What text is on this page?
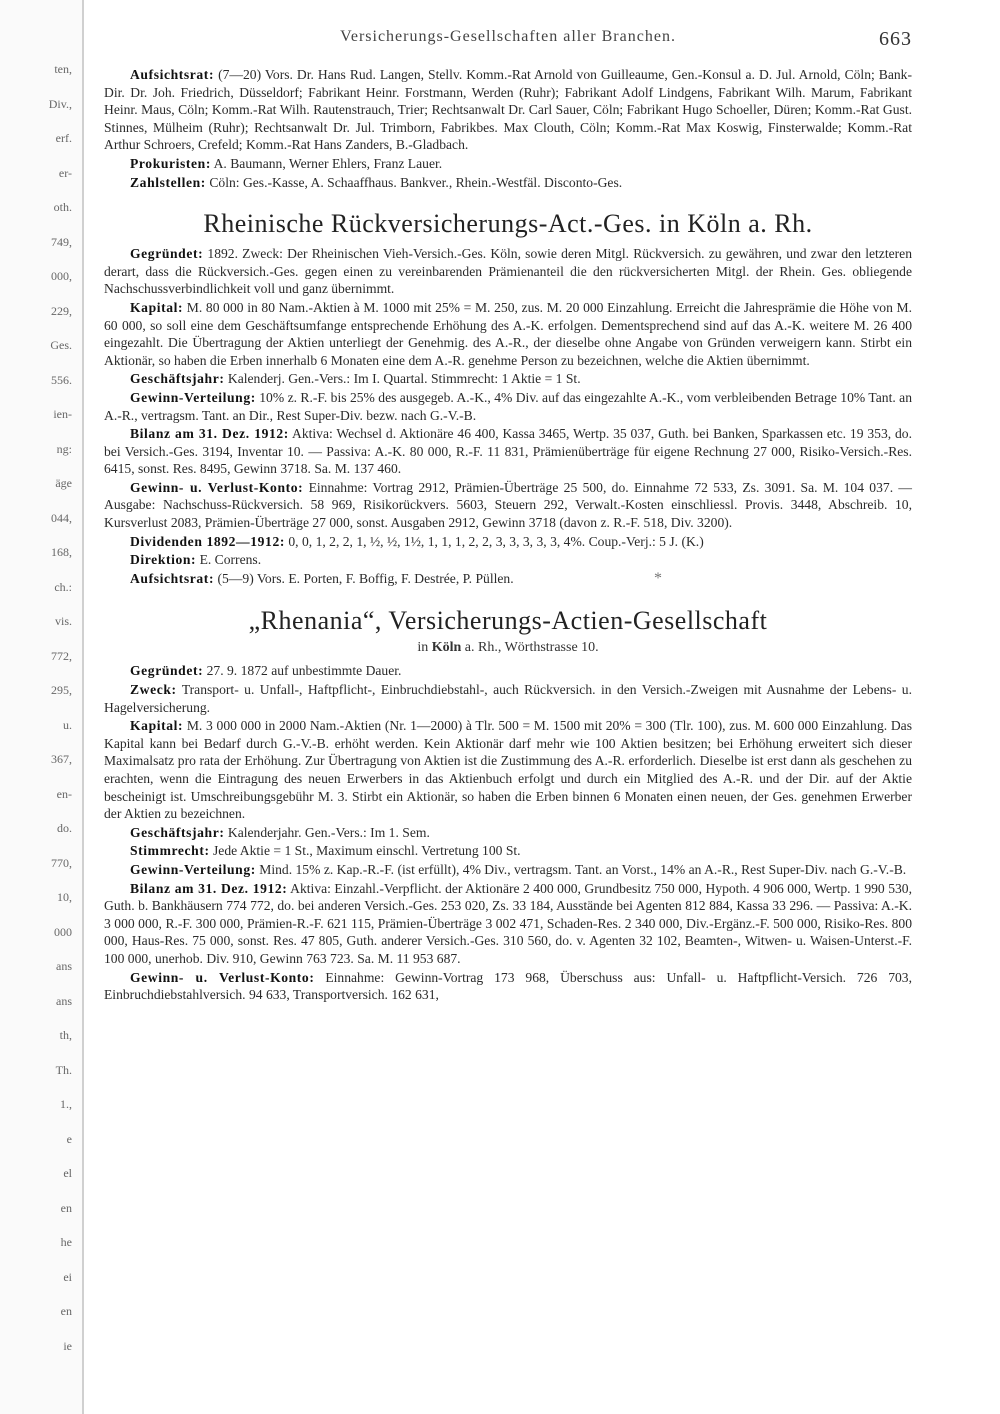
ten,
Div.,
erf.
er-
oth.
749,
000,
229,
Ges.
556.
ien-
ng:
äge
044,
168,
ch.:
vis.
772,
295,
u.
367,
en-
do.
770,
10,
000
ans
ans
th,
Th.
1.,
e
el
en
he
ei
en
ie
Versicherungs-Gesellschaften aller Branchen.	663
Aufsichtsrat: (7—20) Vors. Dr. Hans Rud. Langen, Stellv. Komm.-Rat Arnold von Guilleaume, Gen.-Konsul a. D. Jul. Arnold, Cöln; Bank-Dir. Dr. Joh. Friedrich, Düsseldorf; Fabrikant Heinr. Forstmann, Werden (Ruhr); Fabrikant Adolf Lindgens, Fabrikant Wilh. Marum, Fabrikant Heinr. Maus, Cöln; Komm.-Rat Wilh. Rautenstrauch, Trier; Rechtsanwalt Dr. Carl Sauer, Cöln; Fabrikant Hugo Schoeller, Düren; Komm.-Rat Gust. Stinnes, Mülheim (Ruhr); Rechtsanwalt Dr. Jul. Trimborn, Fabrikbes. Max Clouth, Cöln; Komm.-Rat Max Koswig, Finsterwalde; Komm.-Rat Arthur Schroers, Crefeld; Komm.-Rat Hans Zanders, B.-Gladbach.
Prokuristen: A. Baumann, Werner Ehlers, Franz Lauer.
Zahlstellen: Cöln: Ges.-Kasse, A. Schaaffhaus. Bankver., Rhein.-Westfäl. Disconto-Ges.
Rheinische Rückversicherungs-Act.-Ges. in Köln a. Rh.
Gegründet: 1892. Zweck: Der Rheinischen Vieh-Versich.-Ges. Köln, sowie deren Mitgl. Rückversich. zu gewähren, und zwar den letzteren derart, dass die Rückversich.-Ges. gegen einen zu vereinbarenden Prämienanteil die den rückversicherten Mitgl. der Rhein. Ges. obliegende Nachschussverbindlichkeit voll und ganz übernimmt.
Kapital: M. 80 000 in 80 Nam.-Aktien à M. 1000 mit 25% = M. 250, zus. M. 20 000 Einzahlung. Erreicht die Jahresprämie die Höhe von M. 60 000, so soll eine dem Geschäftsumfange entsprechende Erhöhung des A.-K. erfolgen. Dementsprechend sind auf das A.-K. weitere M. 26 400 eingezahlt. Die Übertragung der Aktien unterliegt der Genehmig. des A.-R., der dieselbe ohne Angabe von Gründen verweigern kann. Stirbt ein Aktionär, so haben die Erben innerhalb 6 Monaten eine dem A.-R. genehme Person zu bezeichnen, welche die Aktien übernimmt.
Geschäftsjahr: Kalenderj. Gen.-Vers.: Im I. Quartal. Stimmrecht: 1 Aktie = 1 St.
Gewinn-Verteilung: 10% z. R.-F. bis 25% des ausgegeb. A.-K., 4% Div. auf das eingezahlte A.-K., vom verbleibenden Betrage 10% Tant. an A.-R., vertragsm. Tant. an Dir., Rest Super-Div. bezw. nach G.-V.-B.
Bilanz am 31. Dez. 1912: Aktiva: Wechsel d. Aktionäre 46 400, Kassa 3465, Wertp. 35 037, Guth. bei Banken, Sparkassen etc. 19 353, do. bei Versich.-Ges. 3194, Inventar 10. — Passiva: A.-K. 80 000, R.-F. 11 831, Prämienüberträge für eigene Rechnung 27 000, Risiko-Versich.-Res. 6415, sonst. Res. 8495, Gewinn 3718. Sa. M. 137 460.
Gewinn- u. Verlust-Konto: Einnahme: Vortrag 2912, Prämien-Überträge 25 500, do. Einnahme 72 533, Zs. 3091. Sa. M. 104 037. — Ausgabe: Nachschuss-Rückversich. 58 969, Risikorückvers. 5603, Steuern 292, Verwalt.-Kosten einschliessl. Provis. 3448, Abschreib. 10, Kursverlust 2083, Prämien-Überträge 27 000, sonst. Ausgaben 2912, Gewinn 3718 (davon z. R.-F. 518, Div. 3200).
Dividenden 1892—1912: 0, 0, 1, 2, 2, 1, ½, ½, 1½, 1, 1, 1, 2, 2, 3, 3, 3, 3, 3, 4%. Coup.-Verj.: 5 J. (K.)
Direktion: E. Correns.
Aufsichtsrat: (5—9) Vors. E. Porten, F. Boffig, F. Destrée, P. Püllen.	*
„Rhenania“, Versicherungs-Actien-Gesellschaft
in Köln a. Rh., Wörthstrasse 10.
Gegründet: 27. 9. 1872 auf unbestimmte Dauer.
Zweck: Transport- u. Unfall-, Haftpflicht-, Einbruchdiebstahl-, auch Rückversich. in den Versich.-Zweigen mit Ausnahme der Lebens- u. Hagelversicherung.
Kapital: M. 3 000 000 in 2000 Nam.-Aktien (Nr. 1—2000) à Tlr. 500 = M. 1500 mit 20% = 300 (Tlr. 100), zus. M. 600 000 Einzahlung. Das Kapital kann bei Bedarf durch G.-V.-B. erhöht werden. Kein Aktionär darf mehr wie 100 Aktien besitzen; bei Erhöhung erweitert sich dieser Maximalsatz pro rata der Erhöhung. Zur Übertragung von Aktien ist die Zustimmung des A.-R. erforderlich. Dieselbe ist erst dann als geschehen zu erachten, wenn die Eintragung des neuen Erwerbers in das Aktienbuch erfolgt und durch ein Mitglied des A.-R. und der Dir. auf der Aktie bescheinigt ist. Umschreibungsgebühr M. 3. Stirbt ein Aktionär, so haben die Erben binnen 6 Monaten einen neuen, der Ges. genehmen Erwerber der Aktien zu bezeichnen.
Geschäftsjahr: Kalenderjahr. Gen.-Vers.: Im 1. Sem.
Stimmrecht: Jede Aktie = 1 St., Maximum einschl. Vertretung 100 St.
Gewinn-Verteilung: Mind. 15% z. Kap.-R.-F. (ist erfüllt), 4% Div., vertragsm. Tant. an Vorst., 14% an A.-R., Rest Super-Div. nach G.-V.-B.
Bilanz am 31. Dez. 1912: Aktiva: Einzahl.-Verpflicht. der Aktionäre 2 400 000, Grundbesitz 750 000, Hypoth. 4 906 000, Wertp. 1 990 530, Guth. b. Bankhäusern 774 772, do. bei anderen Versich.-Ges. 253 020, Zs. 33 184, Ausstände bei Agenten 812 884, Kassa 33 296. — Passiva: A.-K. 3 000 000, R.-F. 300 000, Prämien-R.-F. 621 115, Prämien-Überträge 3 002 471, Schaden-Res. 2 340 000, Div.-Ergänz.-F. 500 000, Risiko-Res. 800 000, Haus-Res. 75 000, sonst. Res. 47 805, Guth. anderer Versich.-Ges. 310 560, do. v. Agenten 32 102, Beamten-, Witwen- u. Waisen-Unterst.-F. 100 000, unerhob. Div. 910, Gewinn 763 723. Sa. M. 11 953 687.
Gewinn- u. Verlust-Konto: Einnahme: Gewinn-Vortrag 173 968, Überschuss aus: Unfall- u. Haftpflicht-Versich. 726 703, Einbruchdiebstahlversich. 94 633, Transportversich. 162 631,
